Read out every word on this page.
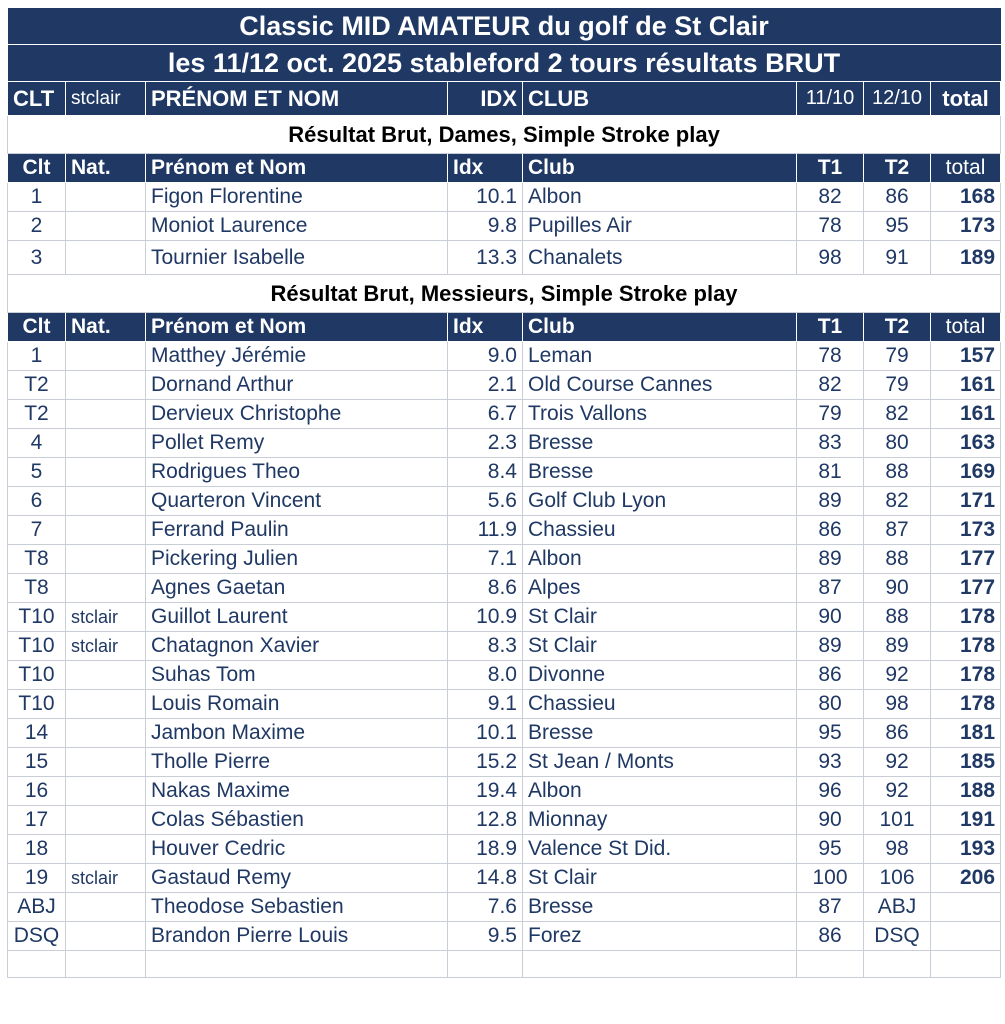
Classic MID AMATEUR du golf de St Clair							
les 11/12 oct. 2025 stableford 2 tours résultats BRUT							
CLT	stclair	PRÉNOM ET NOM	IDX	CLUB	11/10	12/10	total
Résultat Brut, Dames, Simple Stroke play							
Clt	Nat.	Prénom et Nom	Idx	Club	T1	T2	total
1		Figon Florentine	10.1	Albon	82	86	168
2		Moniot Laurence	9.8	Pupilles Air	78	95	173
3		Tournier Isabelle	13.3	Chanalets	98	91	189
Résultat Brut, Messieurs, Simple Stroke play							
Clt	Nat.	Prénom et Nom	Idx	Club	T1	T2	total
1		Matthey Jérémie	9.0	Leman	78	79	157
T2		Dornand Arthur	2.1	Old Course Cannes	82	79	161
T2		Dervieux Christophe	6.7	Trois Vallons	79	82	161
4		Pollet Remy	2.3	Bresse	83	80	163
5		Rodrigues Theo	8.4	Bresse	81	88	169
6		Quarteron Vincent	5.6	Golf Club Lyon	89	82	171
7		Ferrand Paulin	11.9	Chassieu	86	87	173
T8		Pickering Julien	7.1	Albon	89	88	177
T8		Agnes Gaetan	8.6	Alpes	87	90	177
T10	stclair	Guillot Laurent	10.9	St Clair	90	88	178
T10	stclair	Chatagnon Xavier	8.3	St Clair	89	89	178
T10		Suhas Tom	8.0	Divonne	86	92	178
T10		Louis Romain	9.1	Chassieu	80	98	178
14		Jambon Maxime	10.1	Bresse	95	86	181
15		Tholle Pierre	15.2	St Jean / Monts	93	92	185
16		Nakas Maxime	19.4	Albon	96	92	188
17		Colas Sébastien	12.8	Mionnay	90	101	191
18		Houver Cedric	18.9	Valence St Did.	95	98	193
19	stclair	Gastaud Remy	14.8	St Clair	100	106	206
ABJ		Theodose Sebastien	7.6	Bresse	87	ABJ	
DSQ		Brandon Pierre Louis	9.5	Forez	86	DSQ	
